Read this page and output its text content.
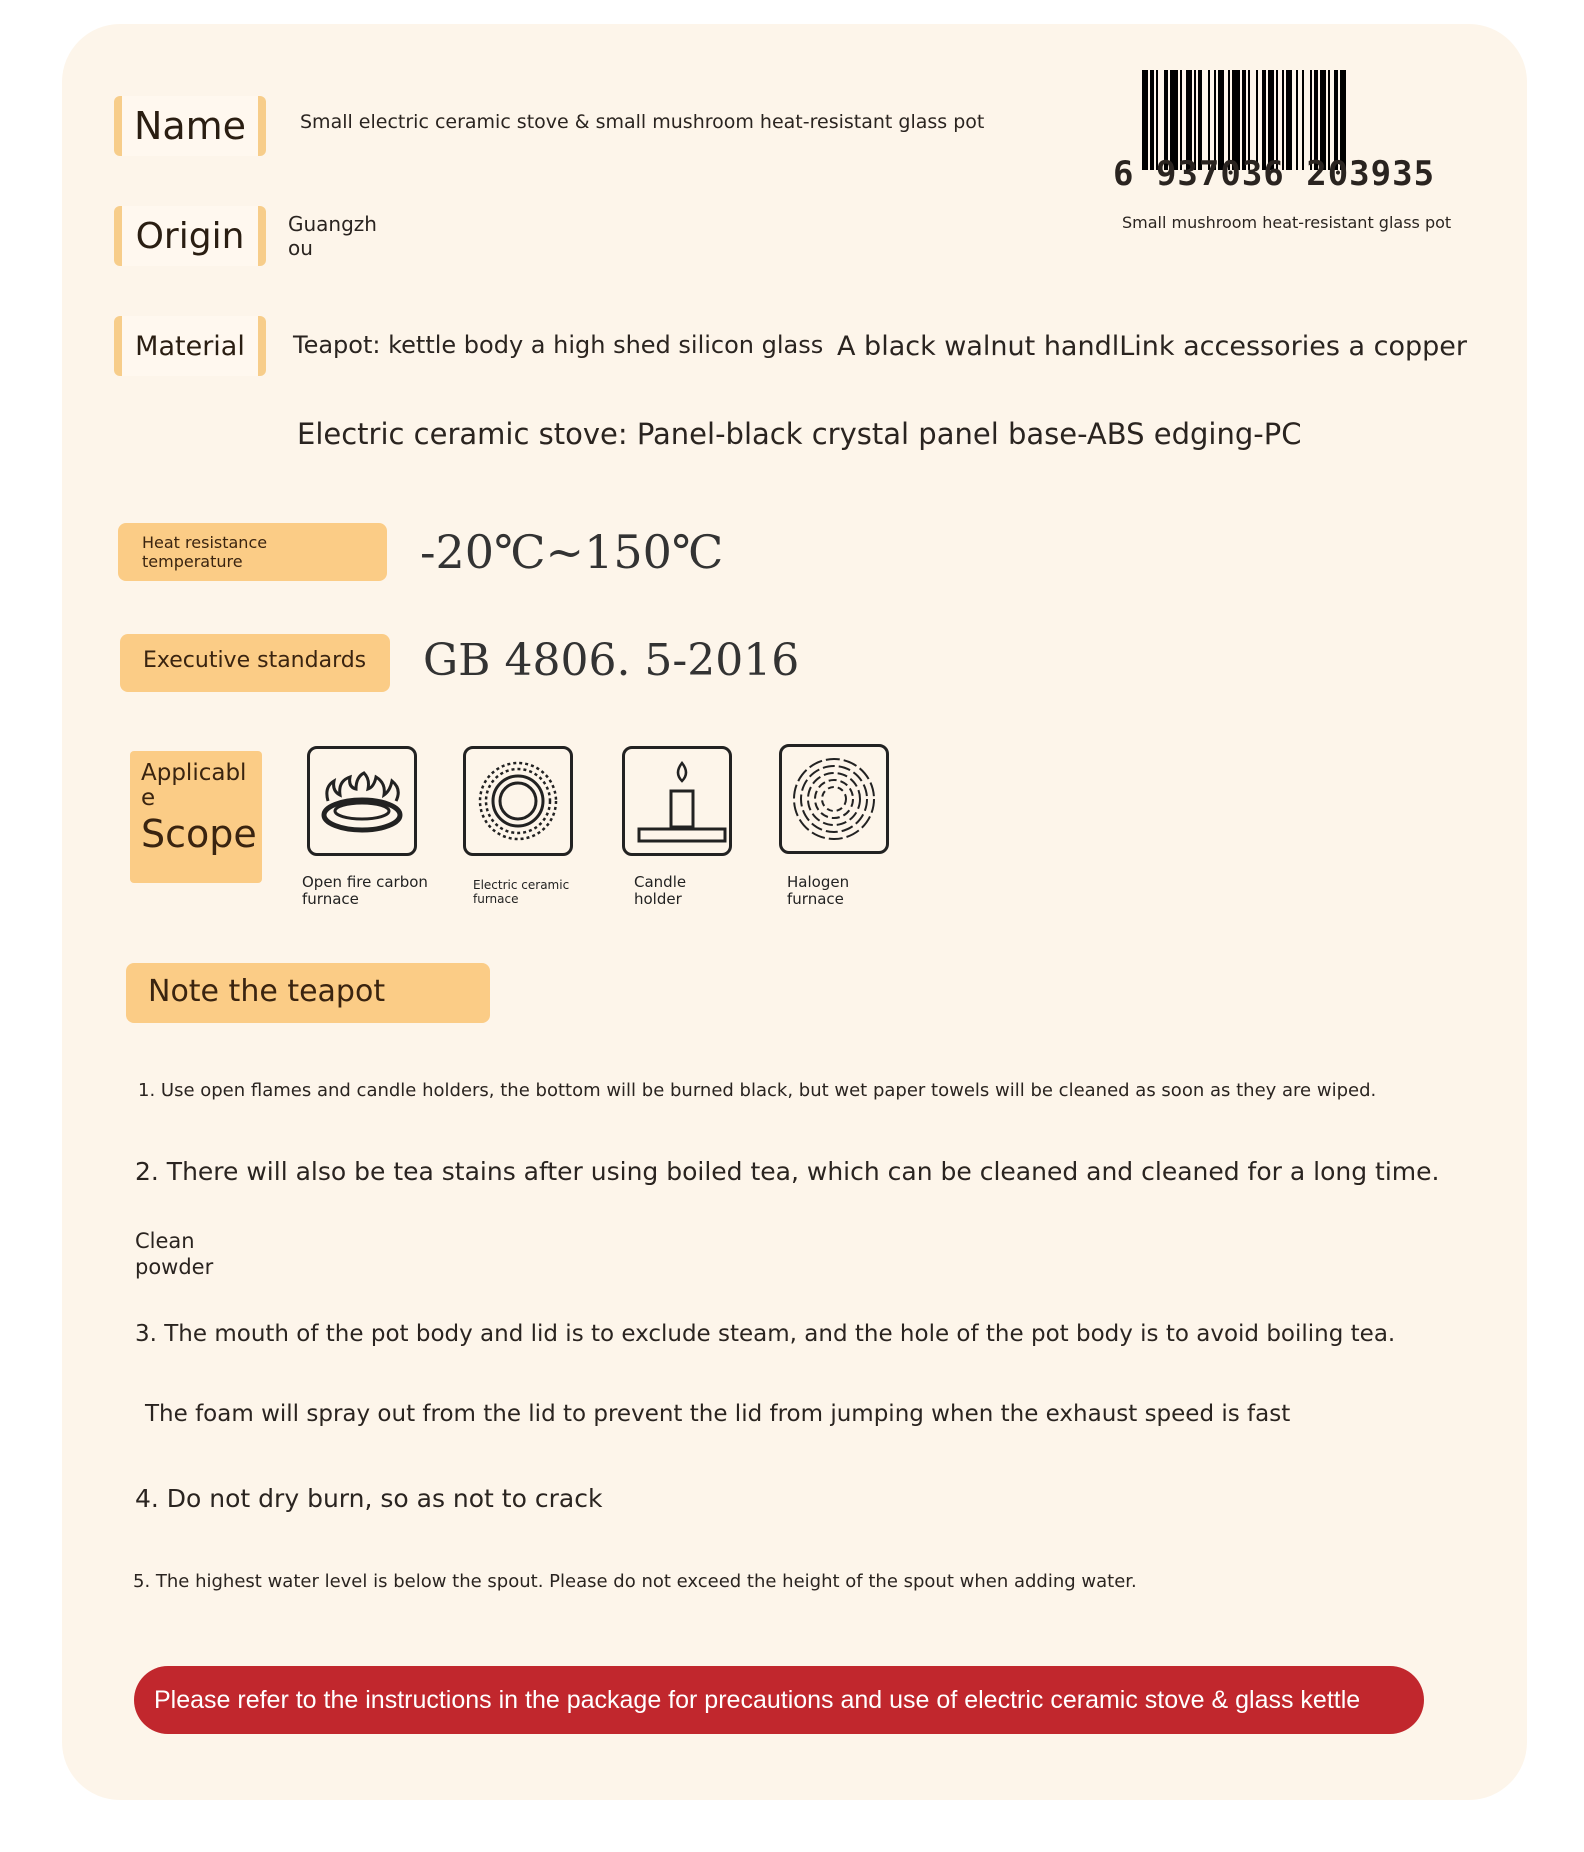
Name	Small electric ceramic stove & small mushroom heat-resistant glass pot
6 937036 203935
Small mushroom heat-resistant glass pot
Origin Guangzh
ou
Material Teapot: kettle body a high shed silicon glass A black walnut handlLink accessories a copper
Electric ceramic stove: Panel-black crystal panel base-ABS edging-PC
Heat resistance
temperature	-20℃~150℃
Executive standards	GB 4806. 5-2016
Applicabl
e
Scope
Open fire carbon
furnace
Electric ceramic
furnace
Candle
holder
Halogen
furnace
Note the teapot
1. Use open flames and candle holders, the bottom will be burned black, but wet paper towels will be cleaned as soon as they are wiped.
2. There will also be tea stains after using boiled tea, which can be cleaned and cleaned for a long time.
Clean
powder
3. The mouth of the pot body and lid is to exclude steam, and the hole of the pot body is to avoid boiling tea.
The foam will spray out from the lid to prevent the lid from jumping when the exhaust speed is fast
4. Do not dry burn, so as not to crack
5. The highest water level is below the spout. Please do not exceed the height of the spout when adding water.
Please refer to the instructions in the package for precautions and use of electric ceramic stove & glass kettle
